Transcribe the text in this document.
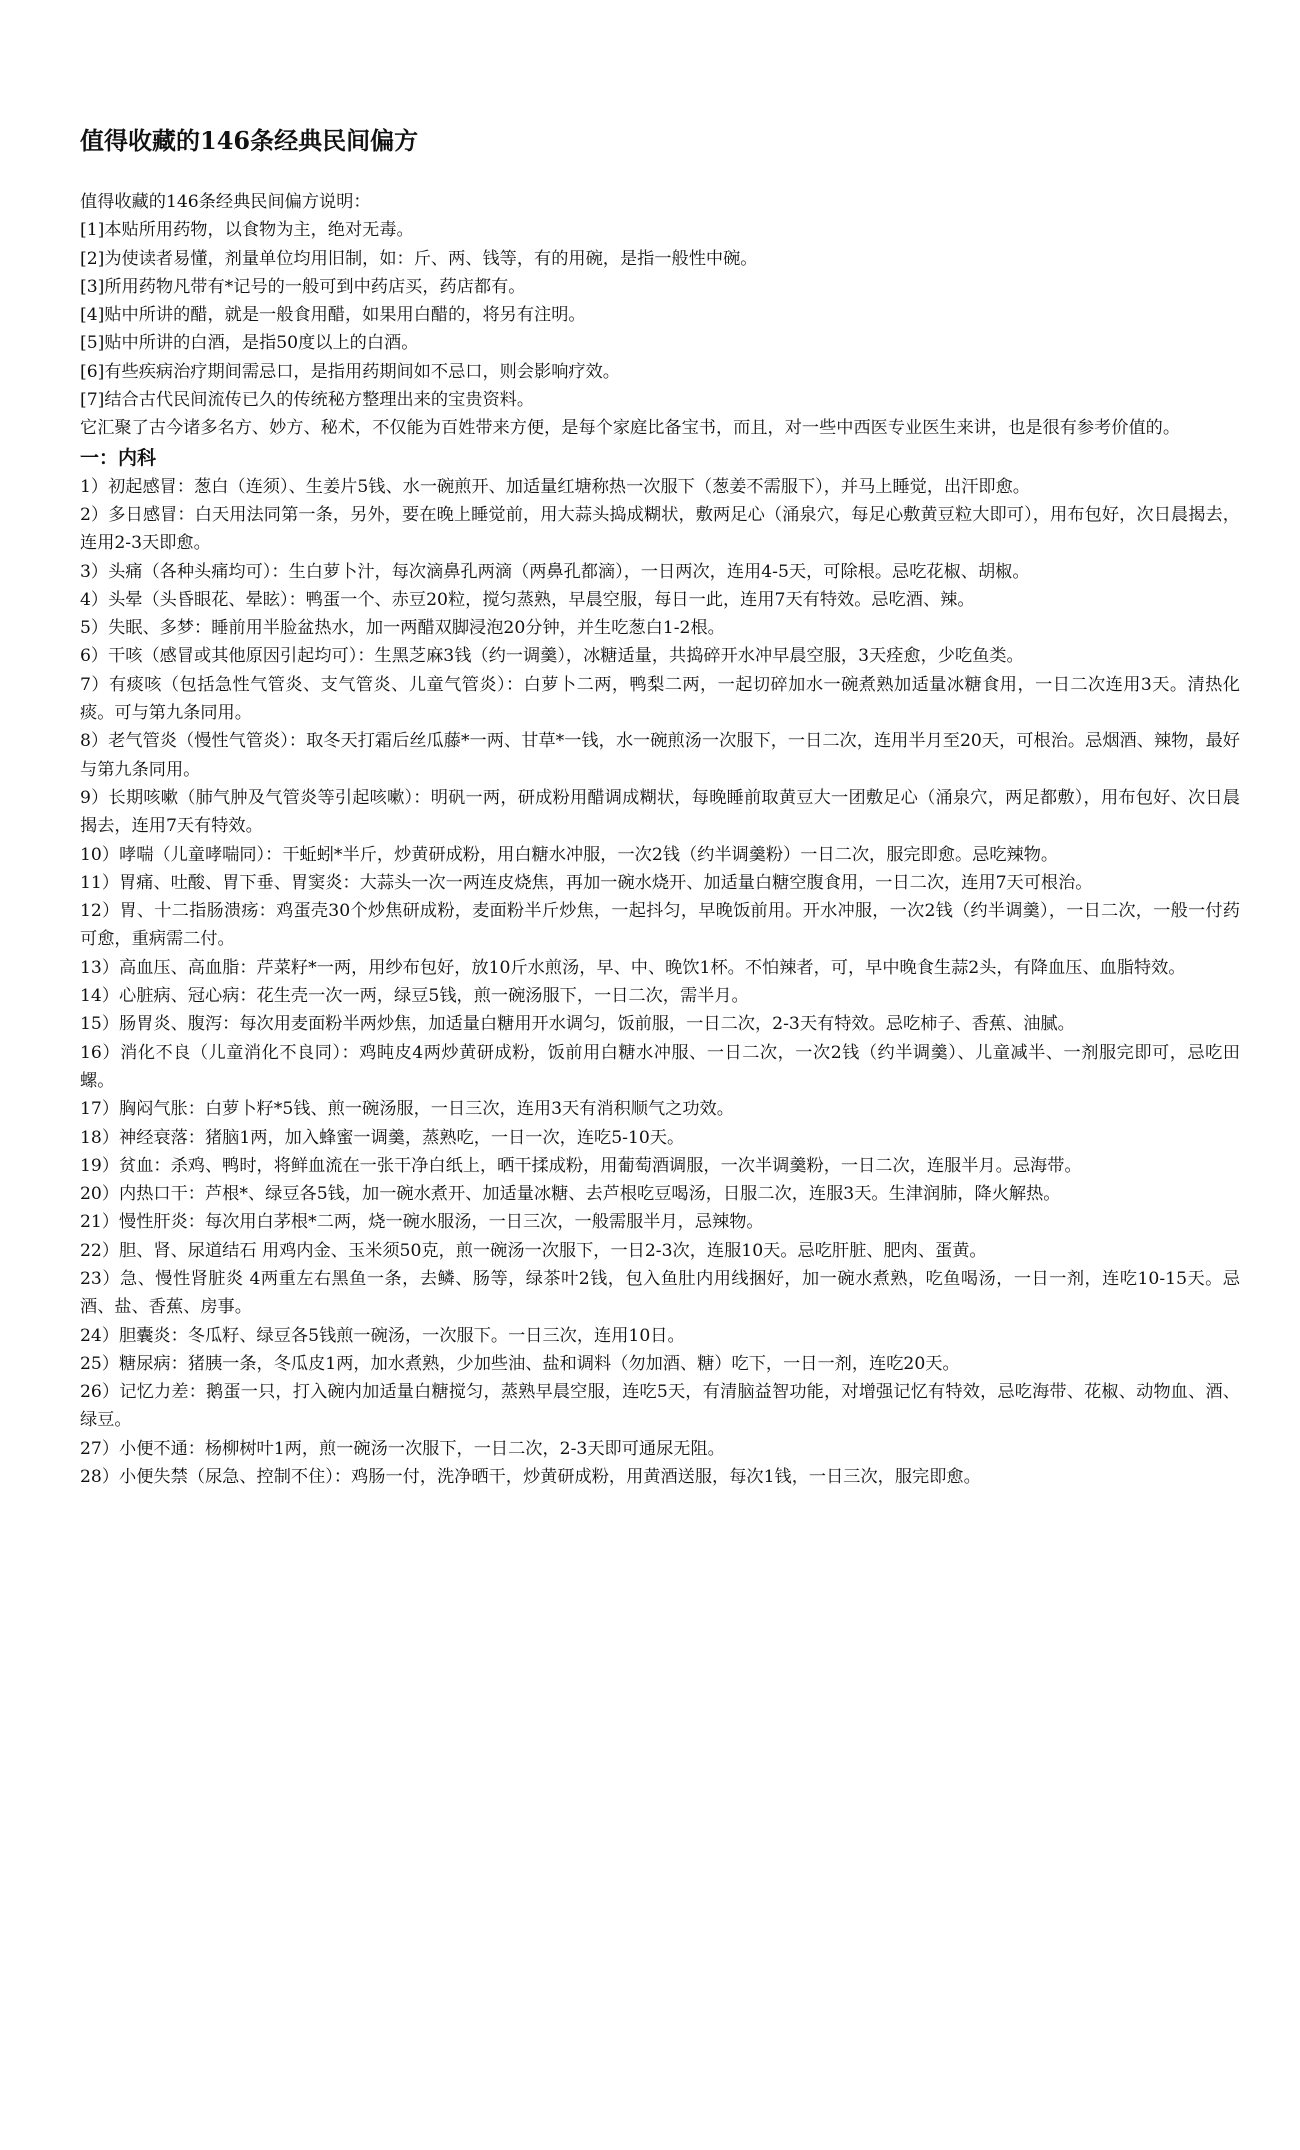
值得收藏的146条经典民间偏方

值得收藏的146条经典民间偏方说明：

[1]本贴所用药物，以食物为主，绝对无毒。

[2]为使读者易懂，剂量单位均用旧制，如：斤、两、钱等，有的用碗，是指一般性中碗。

[3]所用药物凡带有*记号的一般可到中药店买，药店都有。

[4]贴中所讲的醋，就是一般食用醋，如果用白醋的，将另有注明。

[5]贴中所讲的白酒，是指50度以上的白酒。

[6]有些疾病治疗期间需忌口，是指用药期间如不忌口，则会影响疗效。

[7]结合古代民间流传已久的传统秘方整理出来的宝贵资料。

它汇聚了古今诸多名方、妙方、秘术，不仅能为百姓带来方便，是每个家庭比备宝书，而且，对一些中西医专业医生来讲，也是很有参考价值的。

一：内科

1）初起感冒：葱白（连须）、生姜片5钱、水一碗煎开、加适量红塘称热一次服下（葱姜不需服下），并马上睡觉，出汗即愈。

2）多日感冒：白天用法同第一条，另外，要在晚上睡觉前，用大蒜头捣成糊状，敷两足心（涌泉穴，每足心敷黄豆粒大即可），用布包好，次日晨揭去，连用2-3天即愈。

3）头痛（各种头痛均可）：生白萝卜汁，每次滴鼻孔两滴（两鼻孔都滴），一日两次，连用4-5天，可除根。忌吃花椒、胡椒。

4）头晕（头昏眼花、晕眩）：鸭蛋一个、赤豆20粒，搅匀蒸熟，早晨空服，每日一此，连用7天有特效。忌吃酒、辣。

5）失眠、多梦：睡前用半脸盆热水，加一两醋双脚浸泡20分钟，并生吃葱白1-2根。

6）干咳（感冒或其他原因引起均可）：生黑芝麻3钱（约一调羹），冰糖适量，共捣碎开水冲早晨空服，3天痊愈，少吃鱼类。

7）有痰咳（包括急性气管炎、支气管炎、儿童气管炎）：白萝卜二两，鸭梨二两，一起切碎加水一碗煮熟加适量冰糖食用，一日二次连用3天。清热化痰。可与第九条同用。

8）老气管炎（慢性气管炎）：取冬天打霜后丝瓜藤*一两、甘草*一钱，水一碗煎汤一次服下，一日二次，连用半月至20天，可根治。忌烟酒、辣物，最好与第九条同用。

9）长期咳嗽（肺气肿及气管炎等引起咳嗽）：明矾一两，研成粉用醋调成糊状，每晚睡前取黄豆大一团敷足心（涌泉穴，两足都敷），用布包好、次日晨揭去，连用7天有特效。

10）哮喘（儿童哮喘同）：干蚯蚓*半斤，炒黄研成粉，用白糖水冲服，一次2钱（约半调羹粉）一日二次，服完即愈。忌吃辣物。

11）胃痛、吐酸、胃下垂、胃窦炎：大蒜头一次一两连皮烧焦，再加一碗水烧开、加适量白糖空腹食用，一日二次，连用7天可根治。

12）胃、十二指肠溃疡：鸡蛋壳30个炒焦研成粉，麦面粉半斤炒焦，一起抖匀，早晚饭前用。开水冲服，一次2钱（约半调羹），一日二次，一般一付药可愈，重病需二付。

13）高血压、高血脂：芹菜籽*一两，用纱布包好，放10斤水煎汤，早、中、晚饮1杯。不怕辣者，可，早中晚食生蒜2头，有降血压、血脂特效。

14）心脏病、冠心病：花生壳一次一两，绿豆5钱，煎一碗汤服下，一日二次，需半月。

15）肠胃炎、腹泻：每次用麦面粉半两炒焦，加适量白糖用开水调匀，饭前服，一日二次，2-3天有特效。忌吃柿子、香蕉、油腻。

16）消化不良（儿童消化不良同）：鸡盹皮4两炒黄研成粉，饭前用白糖水冲服、一日二次，一次2钱（约半调羹）、儿童减半、一剂服完即可，忌吃田螺。

17）胸闷气胀：白萝卜籽*5钱、煎一碗汤服，一日三次，连用3天有消积顺气之功效。

18）神经衰落：猪脑1两，加入蜂蜜一调羹，蒸熟吃，一日一次，连吃5-10天。

19）贫血：杀鸡、鸭时，将鲜血流在一张干净白纸上，晒干揉成粉，用葡萄酒调服，一次半调羹粉，一日二次，连服半月。忌海带。

20）内热口干：芦根*、绿豆各5钱，加一碗水煮开、加适量冰糖、去芦根吃豆喝汤，日服二次，连服3天。生津润肺，降火解热。

21）慢性肝炎：每次用白茅根*二两，烧一碗水服汤，一日三次，一般需服半月，忌辣物。

22）胆、肾、尿道结石 用鸡内金、玉米须50克，煎一碗汤一次服下，一日2-3次，连服10天。忌吃肝脏、肥肉、蛋黄。

23）急、慢性肾脏炎 4两重左右黑鱼一条，去鳞、肠等，绿茶叶2钱，包入鱼肚内用线捆好，加一碗水煮熟，吃鱼喝汤，一日一剂，连吃10-15天。忌酒、盐、香蕉、房事。

24）胆囊炎：冬瓜籽、绿豆各5钱煎一碗汤，一次服下。一日三次，连用10日。

25）糖尿病：猪胰一条，冬瓜皮1两，加水煮熟，少加些油、盐和调料（勿加酒、糖）吃下，一日一剂，连吃20天。

26）记忆力差：鹅蛋一只，打入碗内加适量白糖搅匀，蒸熟早晨空服，连吃5天，有清脑益智功能，对增强记忆有特效，忌吃海带、花椒、动物血、酒、绿豆。

27）小便不通：杨柳树叶1两，煎一碗汤一次服下，一日二次，2-3天即可通尿无阻。

28）小便失禁（尿急、控制不住）：鸡肠一付，洗净晒干，炒黄研成粉，用黄酒送服，每次1钱，一日三次，服完即愈。
